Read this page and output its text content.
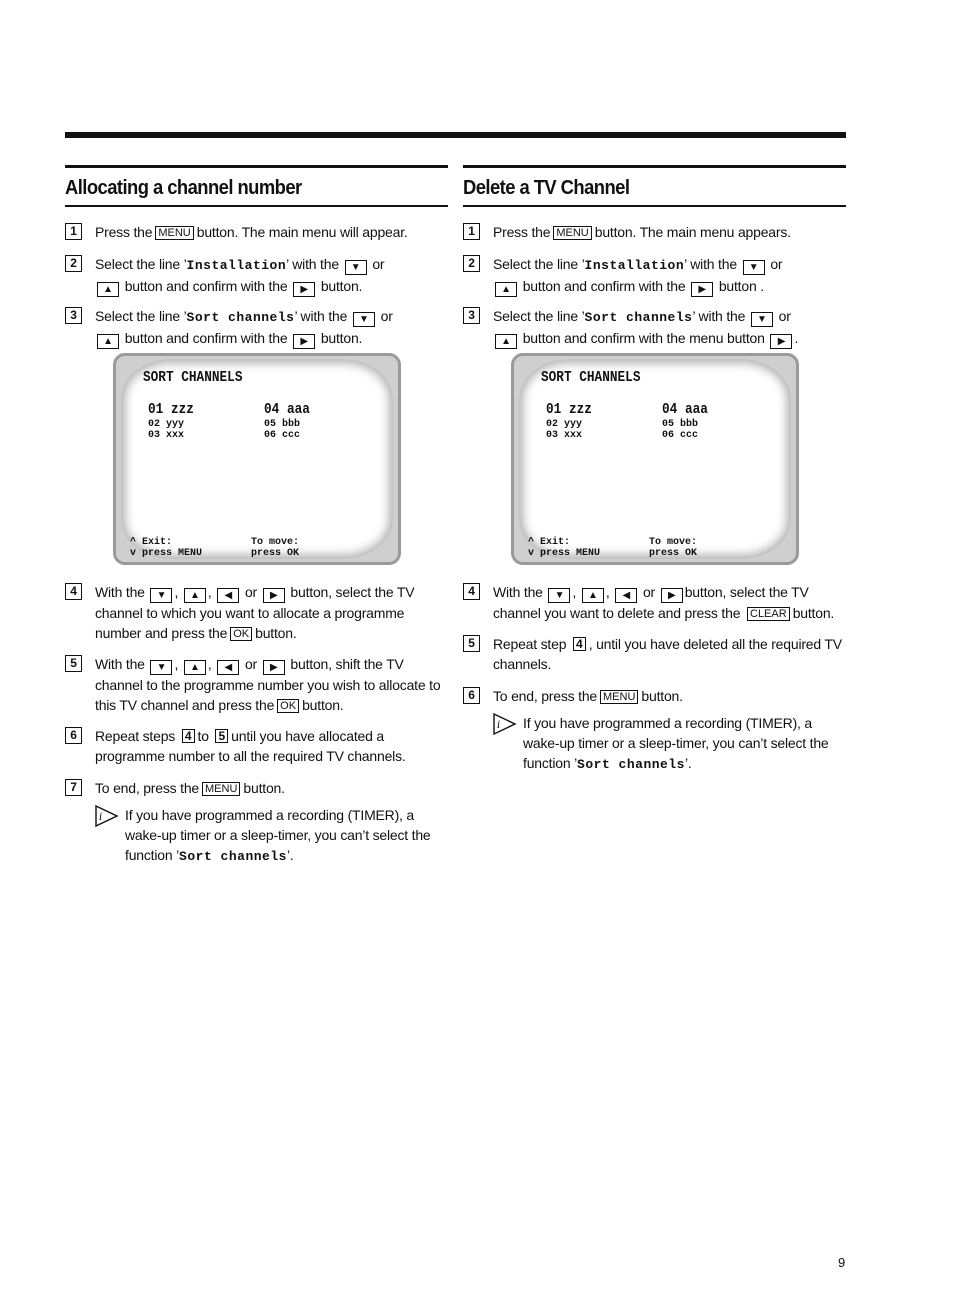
Allocating a channel number
1	Press the MENU button. The main menu will appear.
2	Select the line ’Installation’ with the ▼ or
▲ button and confirm with the ▶ button.
3	Select the line ’Sort channels’ with the ▼ or
▲ button and confirm with the ▶ button.
SORT CHANNELS
01 zzz
02 yyy
03 xxx
04 aaa
05 bbb
06 ccc
^ Exit:
v press MENU
To move:
press OK
4	With the ▼ , ▲ , ◀ or ▶ button, select the TV channel to which you want to allocate a programme number and press the OK button.
5	With the ▼ , ▲ , ◀ or ▶ button, shift the TV channel to the programme number you wish to allocate to this TV channel and press the OK button.
6	Repeat steps 4 to 5 until you have allocated a programme number to all the required TV channels.
7	To end, press the MENU button.
i If you have programmed a recording (TIMER), a wake-up timer or a sleep-timer, you can’t select the function ’Sort channels’.
Delete a TV Channel
1	Press the MENU button. The main menu appears.
2	Select the line ’Installation’ with the ▼ or
▲ button and confirm with the ▶ button .
3	Select the line ’Sort channels’ with the ▼ or
▲ button and confirm with the menu button ▶ .
SORT CHANNELS
01 zzz
02 yyy
03 xxx
04 aaa
05 bbb
06 ccc
^ Exit:
v press MENU
To move:
press OK
4	With the ▼ , ▲ , ◀ or ▶ button, select the TV channel you want to delete and press the CLEAR button.
5	Repeat step 4 , until you have deleted all the required TV channels.
6	To end, press the MENU button.
i If you have programmed a recording (TIMER), a wake-up timer or a sleep-timer, you can’t select the function ’Sort channels’.
9
